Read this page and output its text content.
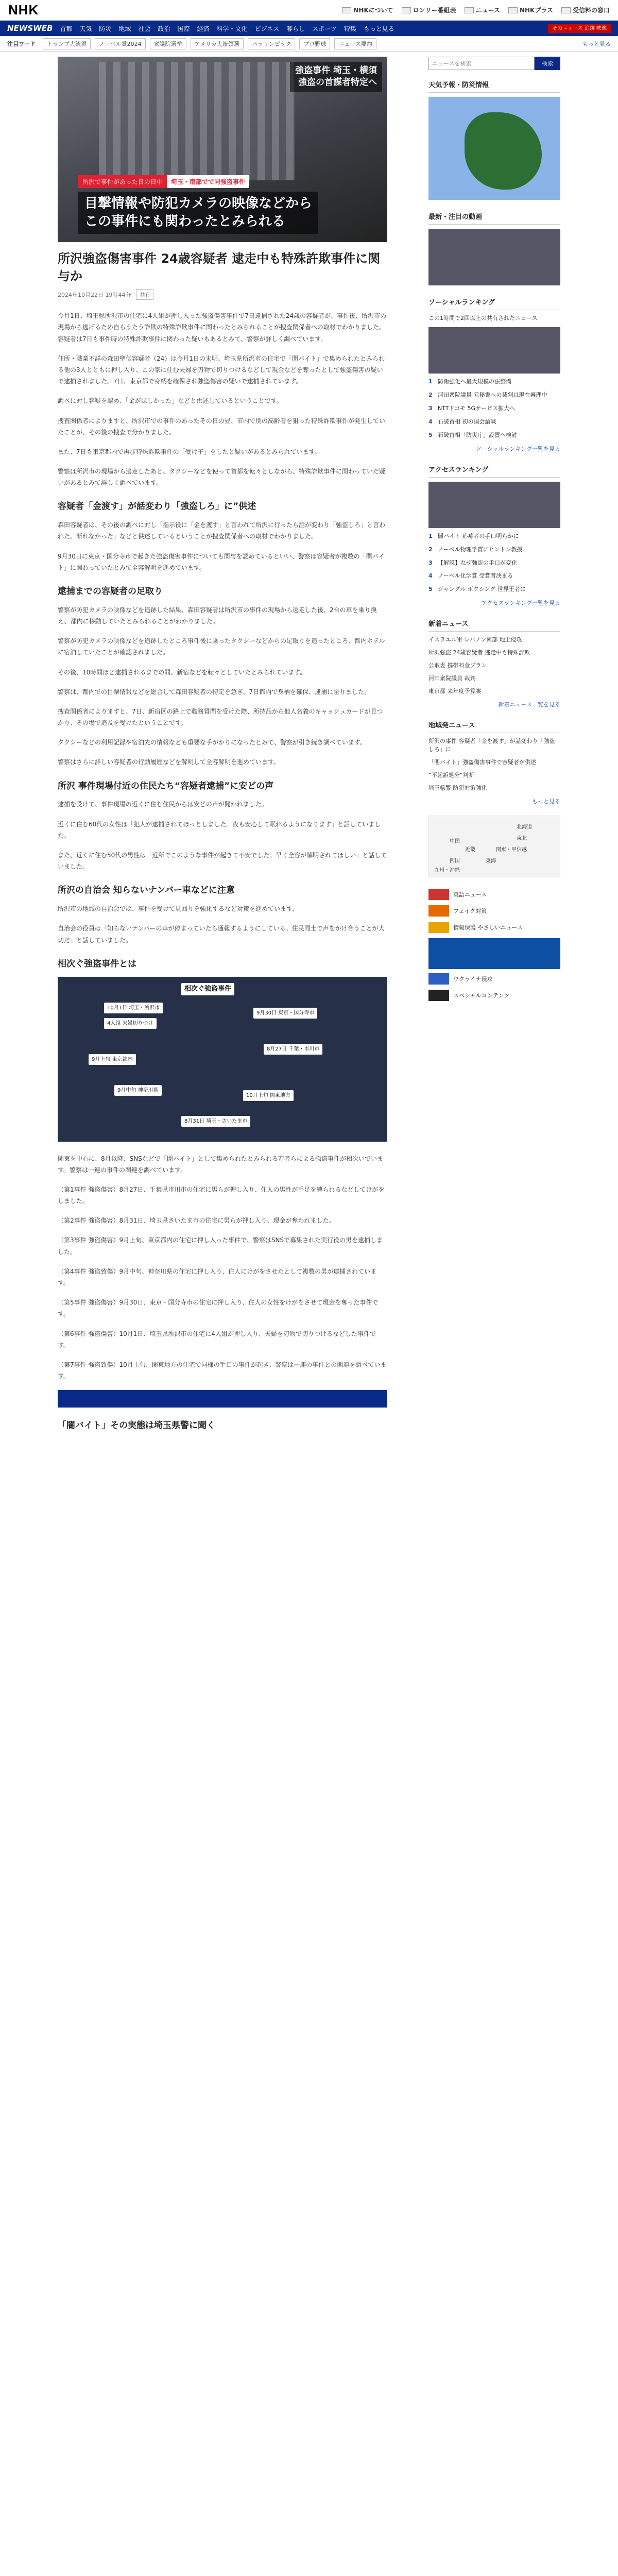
NHK	NHKについて	ロンリー番組表	ニュース	NHKプラス	受信料の窓口
NEWSWEB 首都 天気 防災 地域 社会 政治 国際 経済 科学・文化 ビジネス 暮らし スポーツ 特集 もっと見る	そのニュース 追跡 映像
注目ワード	トランプ大統領	ノーベル賞2024	衆議院選挙	アメリカ大統領選	パラリンピック	プロ野球	ニュース要約	もっと見る
強盗事件 埼玉・横須
強盗の首謀者特定へ
所沢で事件があった日の日中	埼玉・南部でで同強盗事件
目撃情報や防犯カメラの映像などから
この事件にも関わったとみられる
所沢強盗傷害事件 24歳容疑者 逮走中も特殊許欺事件に関与か
2024年10月22日 19時44分	共有

今月1日、埼玉県所沢市の住宅に4人組が押し入った強盗傷害事件で7日逮捕された24歳の容疑者が、事件後、所沢市の現場から逃げるため自らうたう詐欺の特殊詐欺事件に関わったとみられることが捜査関係者への取材でわかりました。容疑者は7日も事件時の特殊詐欺事件に関わった疑いもあるとみて、警察が詳しく調べています。

住所・職業不詳の森田聖伝容疑者（24）は今月1日の未明、埼玉県所沢市の住宅で「闇バイト」で集められたとみられる他の3人とともに押し入り、この家に住む夫婦を刃物で切りつけるなどして現金などを奪ったとして強盗傷害の疑いで逮捕されました。7日、東京都で身柄を確保され強盗傷害の疑いで逮捕されています。

調べに対し容疑を認め、「金がほしかった」などと供述しているということです。

捜査関係者によりますと、所沢市での事件のあったその日の昼、市内で別の高齢者を狙った特殊詐欺事件が発生していたことが、その後の捜査で分かりました。

また、7日も東京都内で再び特殊詐欺事件の「受け子」をしたと疑いがあるとみられています。

警察は所沢市の現場から逃走したあと、タクシーなどを使って首都を転々としながら、特殊詐欺事件に関わっていた疑いがあるとみて詳しく調べています。

容疑者「金渡す」が話変わり「強盗しろ」に”供述

森田容疑者は、その後の調べに対し「指示役に「金を渡す」と言われて所沢に行ったら話が変わり「強盗しろ」と言われた。断れなかった」などと供述しているということが捜査関係者への取材でわかりました。

9月30日に東京・国分寺市で起きた強盗傷害事件についても関与を認めているといい、警察は容疑者が複数の「闇バイト」に関わっていたとみて全容解明を進めています。

逮捕までの容疑者の足取り

警察が防犯カメラの映像などを追跡した結果、森田容疑者は所沢市の事件の現場から逃走した後、2台の車を乗り換え、都内に移動していたとみられることがわかりました。

警察が防犯カメラの映像などを追跡したところ事件後に乗ったタクシーなどからの足取りを追ったところ、都内ホテルに宿泊していたことが確認されました。

その後、10時間ほど逮捕されるまでの間、新宿などを転々としていたとみられています。

警察は、都内での目撃情報などを総合して森田容疑者の特定を急ぎ、7日都内で身柄を確保、逮捕に至りました。

捜査関係者によりますと、7日、新宿区の路上で職務質問を受けた際、所持品から他人名義のキャッシュカードが見つかり、その場で追及を受けたということです。

タクシーなどの利用記録や宿泊先の情報なども重要な手がかりになったとみて、警察が引き続き調べています。

警察はさらに詳しい容疑者の行動履歴などを解明して全容解明を進めています。

所沢 事件現場付近の住民たち“容疑者逮捕”に安どの声

逮捕を受けて、事件現場の近くに住む住民からは安どの声が聞かれました。

近くに住む60代の女性は「犯人が逮捕されてほっとしました。夜も安心して眠れるようになります」と話していました。

また、近くに住む50代の男性は「近所でこのような事件が起きて不安でした。早く全容が解明されてほしい」と話していました。

所沢の自治会 知らないナンバー車などに注意

所沢市の地域の自治会では、事件を受けて見回りを強化するなど対策を進めています。

自治会の役員は「知らないナンバーの車が停まっていたら通報するようにしている。住民同士で声をかけ合うことが大切だ」と話していました。

相次ぐ強盗事件とは
相次ぐ強盗事件
10月1日 埼玉・所沢市
4人組 夫婦切りつけ
9月30日 東京・国分寺市
8月27日 千葉・市川市
9月上旬 東京都内
9月中旬 神奈川県
10月上旬 関東地方
8月31日 埼玉・さいたま市

関東を中心に、8月以降、SNSなどで「闇バイト」として集められたとみられる若者らによる強盗事件が相次いでいます。警察は一連の事件の関連を調べています。

（第1事件 強盗傷害）8月27日、千葉県市川市の住宅に男らが押し入り、住人の男性が手足を縛られるなどしてけがをしました。

（第2事件 強盗傷害）8月31日、埼玉県さいたま市の住宅に男らが押し入り、現金が奪われました。

（第3事件 強盗傷害）9月上旬、東京都内の住宅に押し入った事件で、警察はSNSで募集された実行役の男を逮捕しました。

（第4事件 強盗致傷）9月中旬、神奈川県の住宅に押し入り、住人にけがをさせたとして複数の男が逮捕されています。

（第5事件 強盗傷害）9月30日、東京・国分寺市の住宅に押し入り、住人の女性をけがをさせて現金を奪った事件です。

（第6事件 強盗傷害）10月1日、埼玉県所沢市の住宅に4人組が押し入り、夫婦を刃物で切りつけるなどした事件です。

（第7事件 強盗致傷）10月上旬、関東地方の住宅で同様の手口の事件が起き、警察は一連の事件との関連を調べています。

「闇バイト」その実態は埼玉県警に聞く
ニュースを検索
検索
天気予報・防災情報
最新・注目の動画
ソーシャルランキング
この1時間で2回以上の共有されたニュース
1 防衛強化へ最大規模の法整備
2 河田衆院議員 元秘書への裁判は現在審理中
3 NTTドコモ 5Gサービス拡大へ
4 石破首相 初の国会論戦
5 石破首相「防災庁」設置へ検討
ソーシャルランキング一覧を見る
アクセスランキング
1 闇バイト 応募者の手口明らかに
2 ノーベル物理学賞にヒントン教授
3 【解説】なぜ強盗の手口が変化
4 ノーベル化学賞 受賞者決まる
5 ジャングル ボクシング 世界王者に
アクセスランキング一覧を見る
新着ニュース
イスラエル軍 レバノン南部 地上侵攻
所沢強盗 24歳容疑者 逃走中も特殊詐欺
公取委 携帯料金プラン
河田衆院議員 裁判
東京都 来年度予算案
新着ニュース一覧を見る
地域発ニュース
所沢の事件 容疑者「金を渡す」が話変わり「強盗しろ」に
「闇バイト」強盗傷害事件で容疑者が供述
“不起訴処分”判断
埼玉県警 防犯対策強化
もっと見る
北海道
東北
関東・甲信越
東海
近畿
中国
四国
九州・沖縄
英語ニュース
フェイク対策
情報保護 やさしいニュース
ウクライナ侵攻
スペシャルコンテンツ
